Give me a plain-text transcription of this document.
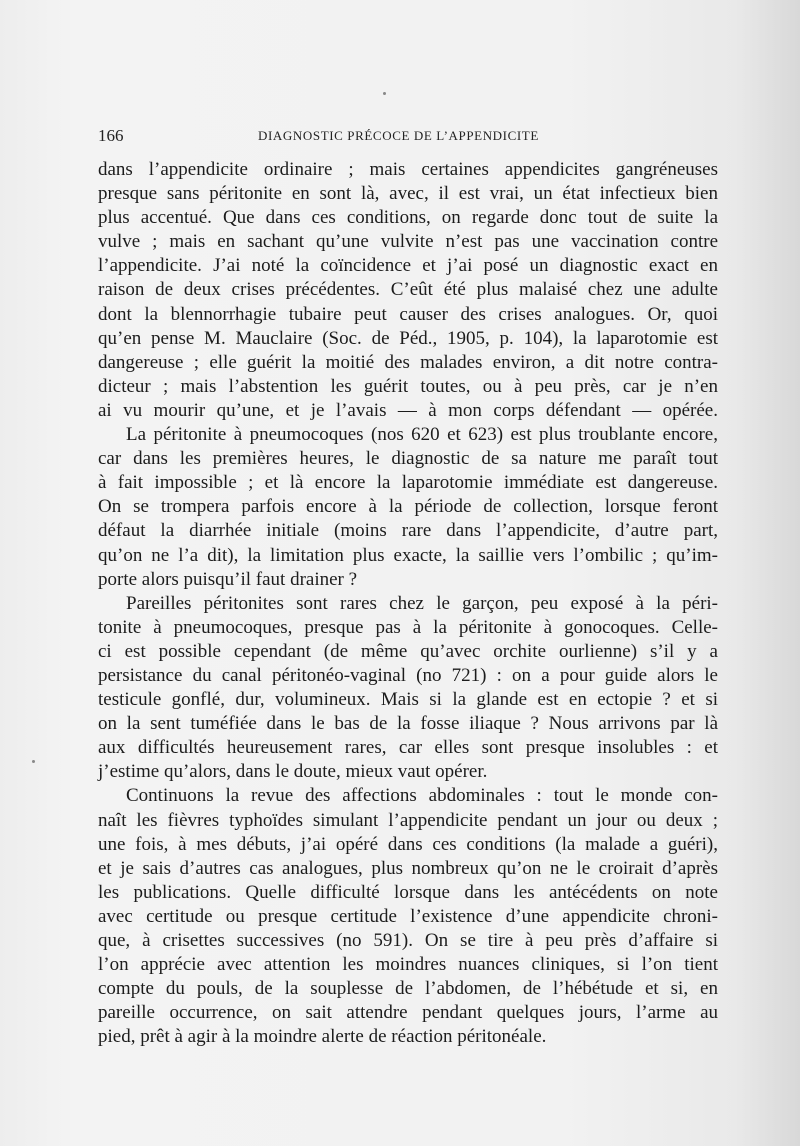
166	DIAGNOSTIC PRÉCOCE DE L’APPENDICITE

dans l’appendicite ordinaire ; mais certaines appendicites gangréneuses
presque sans péritonite en sont là, avec, il est vrai, un état infectieux bien
plus accentué. Que dans ces conditions, on regarde donc tout de suite la
vulve ; mais en sachant qu’une vulvite n’est pas une vaccination contre
l’appendicite. J’ai noté la coïncidence et j’ai posé un diagnostic exact en
raison de deux crises précédentes. C’eût été plus malaisé chez une adulte
dont la blennorrhagie tubaire peut causer des crises analogues. Or, quoi
qu’en pense M. Mauclaire (Soc. de Péd., 1905, p. 104), la laparotomie est
dangereuse ; elle guérit la moitié des malades environ, a dit notre contra-
dicteur ; mais l’abstention les guérit toutes, ou à peu près, car je n’en
ai vu mourir qu’une, et je l’avais — à mon corps défendant — opérée.

La péritonite à pneumocoques (nos 620 et 623) est plus troublante encore,
car dans les premières heures, le diagnostic de sa nature me paraît tout
à fait impossible ; et là encore la laparotomie immédiate est dangereuse.
On se trompera parfois encore à la période de collection, lorsque feront
défaut la diarrhée initiale (moins rare dans l’appendicite, d’autre part,
qu’on ne l’a dit), la limitation plus exacte, la saillie vers l’ombilic ; qu’im-
porte alors puisqu’il faut drainer ?

Pareilles péritonites sont rares chez le garçon, peu exposé à la péri-
tonite à pneumocoques, presque pas à la péritonite à gonocoques. Celle-
ci est possible cependant (de même qu’avec orchite ourlienne) s’il y a
persistance du canal péritonéo-vaginal (no 721) : on a pour guide alors le
testicule gonflé, dur, volumineux. Mais si la glande est en ectopie ? et si
on la sent tuméfiée dans le bas de la fosse iliaque ? Nous arrivons par là
aux difficultés heureusement rares, car elles sont presque insolubles : et
j’estime qu’alors, dans le doute, mieux vaut opérer.

Continuons la revue des affections abdominales : tout le monde con-
naît les fièvres typhoïdes simulant l’appendicite pendant un jour ou deux ;
une fois, à mes débuts, j’ai opéré dans ces conditions (la malade a guéri),
et je sais d’autres cas analogues, plus nombreux qu’on ne le croirait d’après
les publications. Quelle difficulté lorsque dans les antécédents on note
avec certitude ou presque certitude l’existence d’une appendicite chroni-
que, à crisettes successives (no 591). On se tire à peu près d’affaire si
l’on apprécie avec attention les moindres nuances cliniques, si l’on tient
compte du pouls, de la souplesse de l’abdomen, de l’hébétude et si, en
pareille occurrence, on sait attendre pendant quelques jours, l’arme au
pied, prêt à agir à la moindre alerte de réaction péritonéale.
